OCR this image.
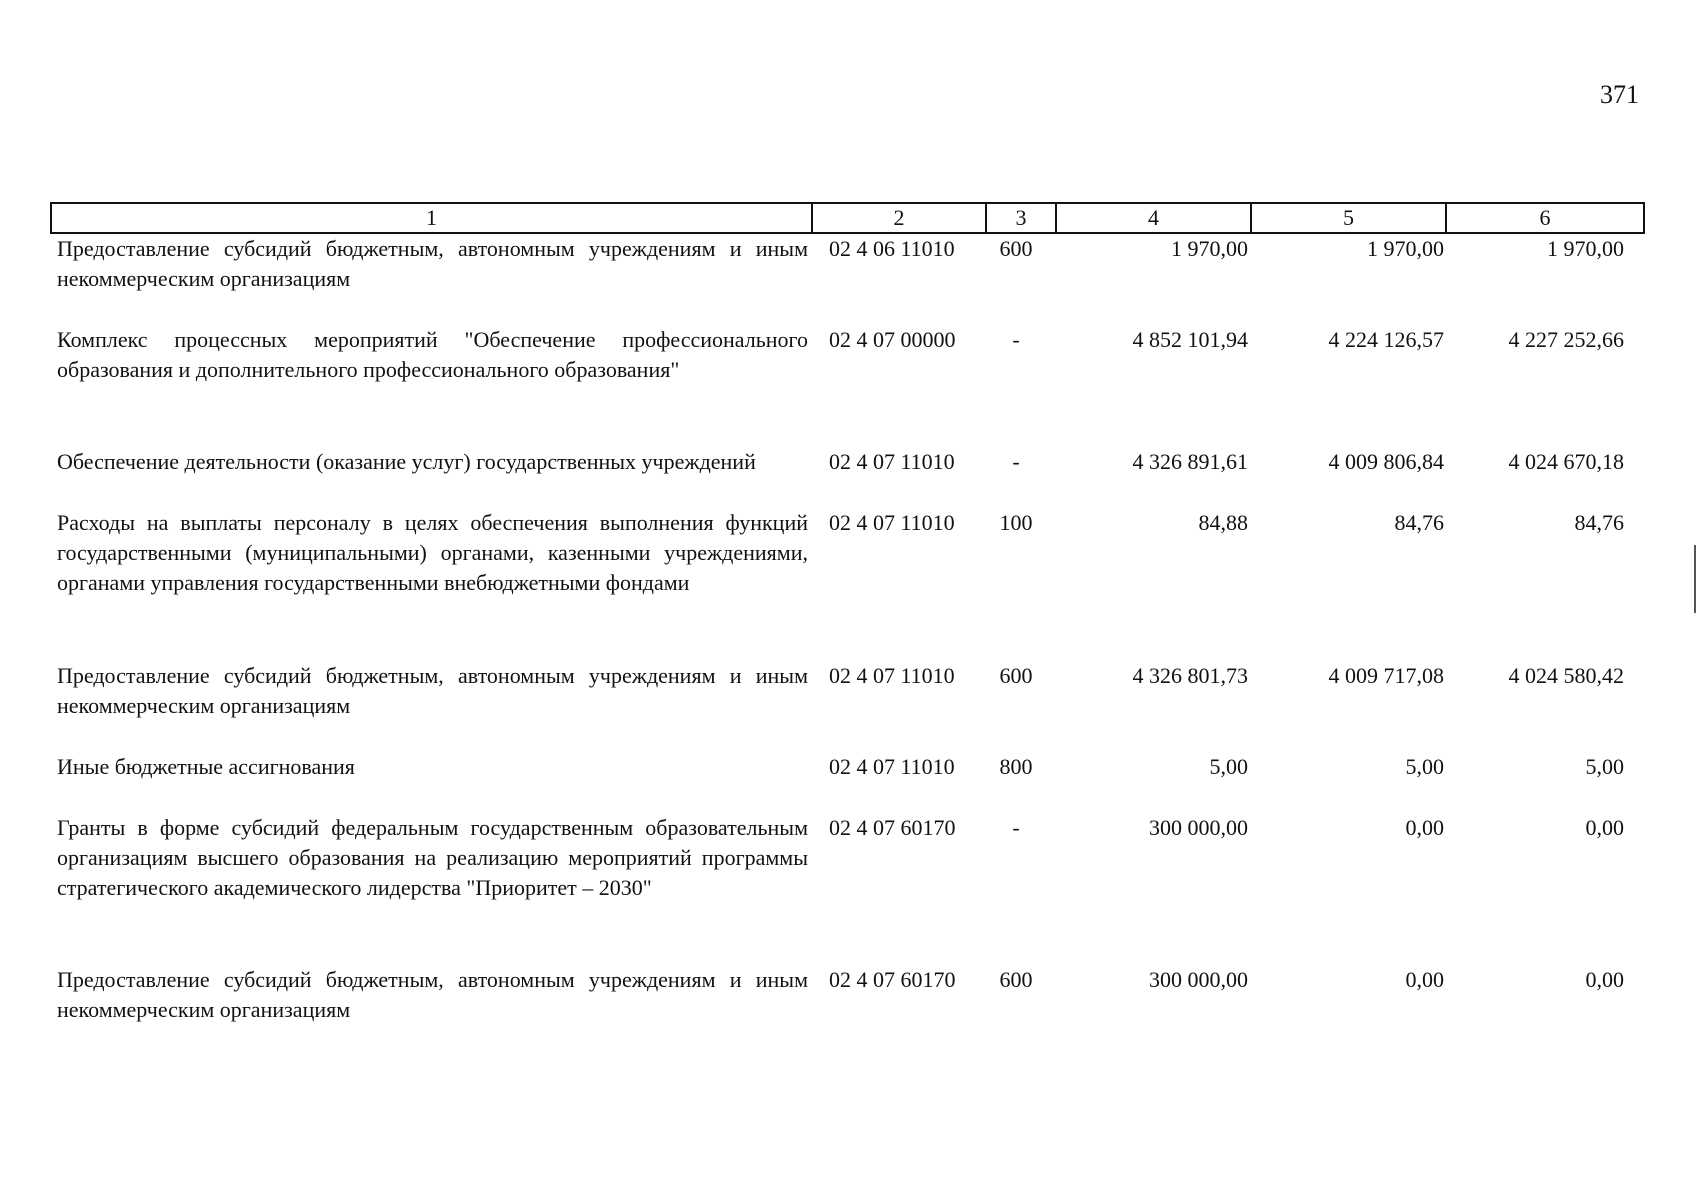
371
1	2	3	4	5	6
Предоставление субсидий бюджетным, автономным учреждениям и иным некоммерческим организациям	02 4 06 11010	600	1 970,00	1 970,00	1 970,00
Комплекс процессных мероприятий "Обеспечение профессионального образования и дополнительного профессионального образования"	02 4 07 00000	-	4 852 101,94	4 224 126,57	4 227 252,66
Обеспечение деятельности (оказание услуг) государственных учреждений	02 4 07 11010	-	4 326 891,61	4 009 806,84	4 024 670,18
Расходы на выплаты персоналу в целях обеспечения выполнения функций государственными (муниципальными) органами, казенными учреждениями, органами управления государственными внебюджетными фондами	02 4 07 11010	100	84,88	84,76	84,76
Предоставление субсидий бюджетным, автономным учреждениям и иным некоммерческим организациям	02 4 07 11010	600	4 326 801,73	4 009 717,08	4 024 580,42
Иные бюджетные ассигнования	02 4 07 11010	800	5,00	5,00	5,00
Гранты в форме субсидий федеральным государственным образовательным организациям высшего образования на реализацию мероприятий программы стратегического академического лидерства "Приоритет – 2030"	02 4 07 60170	-	300 000,00	0,00	0,00
Предоставление субсидий бюджетным, автономным учреждениям и иным некоммерческим организациям	02 4 07 60170	600	300 000,00	0,00	0,00
